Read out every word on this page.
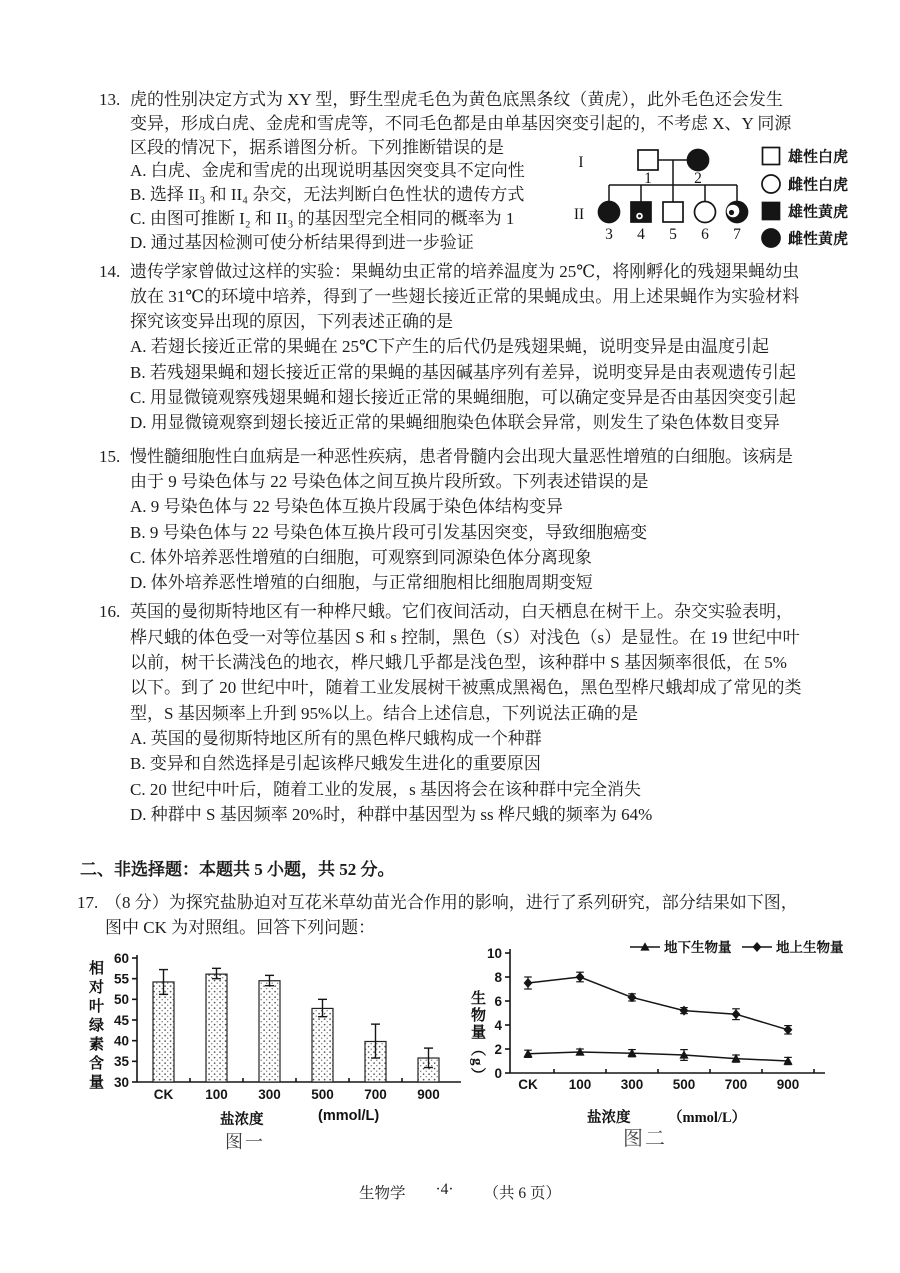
13. 虎的性别决定方式为 XY 型，野生型虎毛色为黄色底黑条纹（黄虎），此外毛色还会发生
变异，形成白虎、金虎和雪虎等，不同毛色都是由单基因突变引起的，不考虑 X、Y 同源
区段的情况下，据系谱图分析。下列推断错误的是
A. 白虎、金虎和雪虎的出现说明基因突变具不定向性
B. 选择 II₃ 和 II₄ 杂交，无法判断白色性状的遗传方式
C. 由图可推断 I₂ 和 II₃ 的基因型完全相同的概率为 1
D. 通过基因检测可使分析结果得到进一步验证
14. 遗传学家曾做过这样的实验：果蝇幼虫正常的培养温度为 25℃，将刚孵化的残翅果蝇幼虫
放在 31℃的环境中培养，得到了一些翅长接近正常的果蝇成虫。用上述果蝇作为实验材料
探究该变异出现的原因，下列表述正确的是
A. 若翅长接近正常的果蝇在 25℃下产生的后代仍是残翅果蝇，说明变异是由温度引起
B. 若残翅果蝇和翅长接近正常的果蝇的基因碱基序列有差异，说明变异是由表观遗传引起
C. 用显微镜观察残翅果蝇和翅长接近正常的果蝇细胞，可以确定变异是否由基因突变引起
D. 用显微镜观察到翅长接近正常的果蝇细胞染色体联会异常，则发生了染色体数目变异
15. 慢性髓细胞性白血病是一种恶性疾病，患者骨髓内会出现大量恶性增殖的白细胞。该病是
由于 9 号染色体与 22 号染色体之间互换片段所致。下列表述错误的是
A. 9 号染色体与 22 号染色体互换片段属于染色体结构变异
B. 9 号染色体与 22 号染色体互换片段可引发基因突变，导致细胞癌变
C. 体外培养恶性增殖的白细胞，可观察到同源染色体分离现象
D. 体外培养恶性增殖的白细胞，与正常细胞相比细胞周期变短
16. 英国的曼彻斯特地区有一种桦尺蛾。它们夜间活动，白天栖息在树干上。杂交实验表明，
桦尺蛾的体色受一对等位基因 S 和 s 控制，黑色（S）对浅色（s）是显性。在 19 世纪中叶
以前，树干长满浅色的地衣，桦尺蛾几乎都是浅色型，该种群中 S 基因频率很低，在 5%
以下。到了 20 世纪中叶，随着工业发展树干被熏成黑褐色，黑色型桦尺蛾却成了常见的类
型，S 基因频率上升到 95%以上。结合上述信息，下列说法正确的是
A. 英国的曼彻斯特地区所有的黑色桦尺蛾构成一个种群
B. 变异和自然选择是引起该桦尺蛾发生进化的重要原因
C. 20 世纪中叶后，随着工业的发展，s 基因将会在该种群中完全消失
D. 种群中 S 基因频率 20%时，种群中基因型为 ss 桦尺蛾的频率为 64%
二、非选择题：本题共 5 小题，共 52 分。
17. （8 分）为探究盐胁迫对互花米草幼苗光合作用的影响，进行了系列研究，部分结果如下图，
图中 CK 为对照组。回答下列问题：
I
II
1	2
3 4 5 6 7
雄性白虎
雌性白虎
雄性黄虎
雌性黄虎
相对叶绿素含量 30
35
40
45
50
55
60
CK 100 300 500 700 900
盐浓度	(mmol/L)
图一
生物量（g） 0
2
4
6
8
10
CK 100 300 500 700 900
地下生物量	地上生物量
盐浓度	（mmol/L）
图二
生物学 ·4· （共 6 页）
